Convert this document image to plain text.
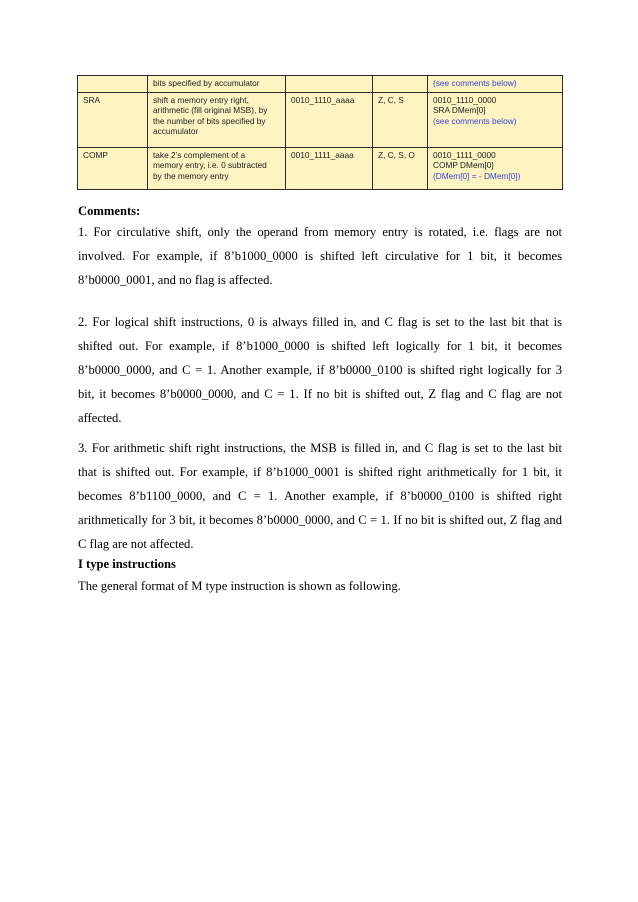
	bits specified by accumulator			(see comments below)

SRA	shift a memory entry right,
arithmetic (fill original MSB), by
the number of bits specified by
accumulator	0010_1110_aaaa	Z, C, S	0010_1110_0000
SRA DMem[0]
(see comments below)

COMP	take 2’s complement of a
memory entry, i.e. 0 subtracted
by the memory entry	0010_1111_aaaa	Z, C, S, O	0010_1111_0000
COMP DMem[0]
(DMem[0] = - DMem[0])
Comments:
1. For circulative shift, only the operand from memory entry is rotated, i.e. flags are not
involved. For example, if 8’b1000_0000 is shifted left circulative for 1 bit, it becomes
8’b0000_0001, and no flag is affected.
2. For logical shift instructions, 0 is always filled in, and C flag is set to the last bit that is
shifted out. For example, if 8’b1000_0000 is shifted left logically for 1 bit, it becomes
8’b0000_0000, and C = 1. Another example, if 8’b0000_0100 is shifted right logically for 3
bit, it becomes 8’b0000_0000, and C = 1. If no bit is shifted out, Z flag and C flag are not
affected.
3. For arithmetic shift right instructions, the MSB is filled in, and C flag is set to the last bit
that is shifted out. For example, if 8’b1000_0001 is shifted right arithmetically for 1 bit, it
becomes 8’b1100_0000, and C = 1. Another example, if 8’b0000_0100 is shifted right
arithmetically for 3 bit, it becomes 8’b0000_0000, and C = 1. If no bit is shifted out, Z flag and
C flag are not affected.
I type instructions
The general format of M type instruction is shown as following.
